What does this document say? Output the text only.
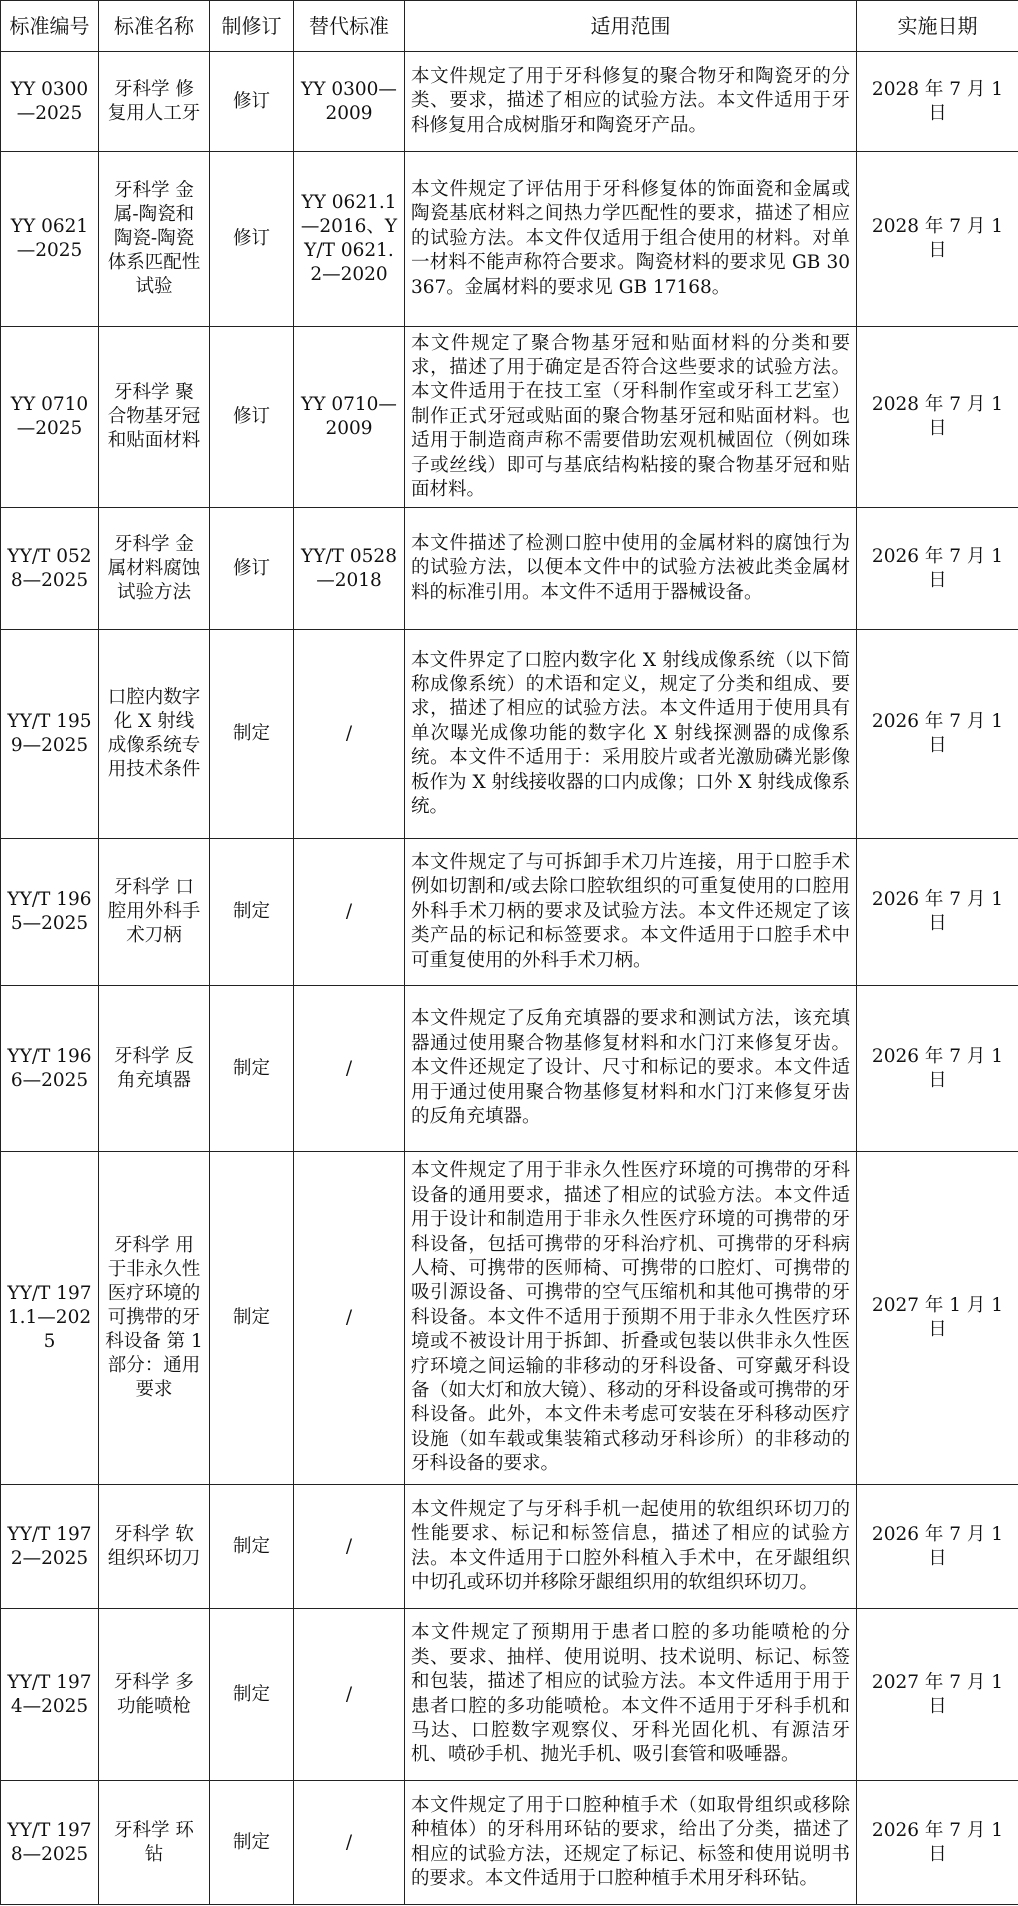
标准编号	标准名称	制修订	替代标准	适用范围	实施日期
YY 0300—2025	牙科学 修复用人工牙	修订	YY 0300—2009	本文件规定了用于牙科修复的聚合物牙和陶瓷牙的分类、要求，描述了相应的试验方法。本文件适用于牙科修复用合成树脂牙和陶瓷牙产品。	2028 年 7 月 1 日
YY 0621—2025	牙科学 金属-陶瓷和陶瓷-陶瓷体系匹配性试验	修订	YY 0621.1—2016、YY/T 0621.2—2020	本文件规定了评估用于牙科修复体的饰面瓷和金属或陶瓷基底材料之间热力学匹配性的要求，描述了相应的试验方法。本文件仅适用于组合使用的材料。对单一材料不能声称符合要求。陶瓷材料的要求见 GB 30367。金属材料的要求见 GB 17168。	2028 年 7 月 1 日
YY 0710—2025	牙科学 聚合物基牙冠和贴面材料	修订	YY 0710—2009	本文件规定了聚合物基牙冠和贴面材料的分类和要求，描述了用于确定是否符合这些要求的试验方法。本文件适用于在技工室（牙科制作室或牙科工艺室）制作正式牙冠或贴面的聚合物基牙冠和贴面材料。也适用于制造商声称不需要借助宏观机械固位（例如珠子或丝线）即可与基底结构粘接的聚合物基牙冠和贴面材料。	2028 年 7 月 1 日
YY/T 0528—2025	牙科学 金属材料腐蚀试验方法	修订	YY/T 0528—2018	本文件描述了检测口腔中使用的金属材料的腐蚀行为的试验方法，以便本文件中的试验方法被此类金属材料的标准引用。本文件不适用于器械设备。	2026 年 7 月 1 日
YY/T 1959—2025	口腔内数字化 X 射线成像系统专用技术条件	制定	/	本文件界定了口腔内数字化 X 射线成像系统（以下简称成像系统）的术语和定义，规定了分类和组成、要求，描述了相应的试验方法。本文件适用于使用具有单次曝光成像功能的数字化 X 射线探测器的成像系统。本文件不适用于：采用胶片或者光激励磷光影像板作为 X 射线接收器的口内成像；口外 X 射线成像系统。	2026 年 7 月 1 日
YY/T 1965—2025	牙科学 口腔用外科手术刀柄	制定	/	本文件规定了与可拆卸手术刀片连接，用于口腔手术例如切割和/或去除口腔软组织的可重复使用的口腔用外科手术刀柄的要求及试验方法。本文件还规定了该类产品的标记和标签要求。本文件适用于口腔手术中可重复使用的外科手术刀柄。	2026 年 7 月 1 日
YY/T 1966—2025	牙科学 反角充填器	制定	/	本文件规定了反角充填器的要求和测试方法，该充填器通过使用聚合物基修复材料和水门汀来修复牙齿。本文件还规定了设计、尺寸和标记的要求。本文件适用于通过使用聚合物基修复材料和水门汀来修复牙齿的反角充填器。	2026 年 7 月 1 日
YY/T 1971.1—2025	牙科学 用于非永久性医疗环境的可携带的牙科设备 第 1 部分：通用要求	制定	/	本文件规定了用于非永久性医疗环境的可携带的牙科设备的通用要求，描述了相应的试验方法。本文件适用于设计和制造用于非永久性医疗环境的可携带的牙科设备，包括可携带的牙科治疗机、可携带的牙科病人椅、可携带的医师椅、可携带的口腔灯、可携带的吸引源设备、可携带的空气压缩机和其他可携带的牙科设备。本文件不适用于预期不用于非永久性医疗环境或不被设计用于拆卸、折叠或包装以供非永久性医疗环境之间运输的非移动的牙科设备、可穿戴牙科设备（如大灯和放大镜）、移动的牙科设备或可携带的牙科设备。此外，本文件未考虑可安装在牙科移动医疗设施（如车载或集装箱式移动牙科诊所）的非移动的牙科设备的要求。	2027 年 1 月 1 日
YY/T 1972—2025	牙科学 软组织环切刀	制定	/	本文件规定了与牙科手机一起使用的软组织环切刀的性能要求、标记和标签信息，描述了相应的试验方法。本文件适用于口腔外科植入手术中，在牙龈组织中切孔或环切并移除牙龈组织用的软组织环切刀。	2026 年 7 月 1 日
YY/T 1974—2025	牙科学 多功能喷枪	制定	/	本文件规定了预期用于患者口腔的多功能喷枪的分类、要求、抽样、使用说明、技术说明、标记、标签和包装，描述了相应的试验方法。本文件适用于用于患者口腔的多功能喷枪。本文件不适用于牙科手机和马达、口腔数字观察仪、牙科光固化机、有源洁牙机、喷砂手机、抛光手机、吸引套管和吸唾器。	2027 年 7 月 1 日
YY/T 1978—2025	牙科学 环钻	制定	/	本文件规定了用于口腔种植手术（如取骨组织或移除种植体）的牙科用环钻的要求，给出了分类，描述了相应的试验方法，还规定了标记、标签和使用说明书的要求。本文件适用于口腔种植手术用牙科环钻。	2026 年 7 月 1 日
